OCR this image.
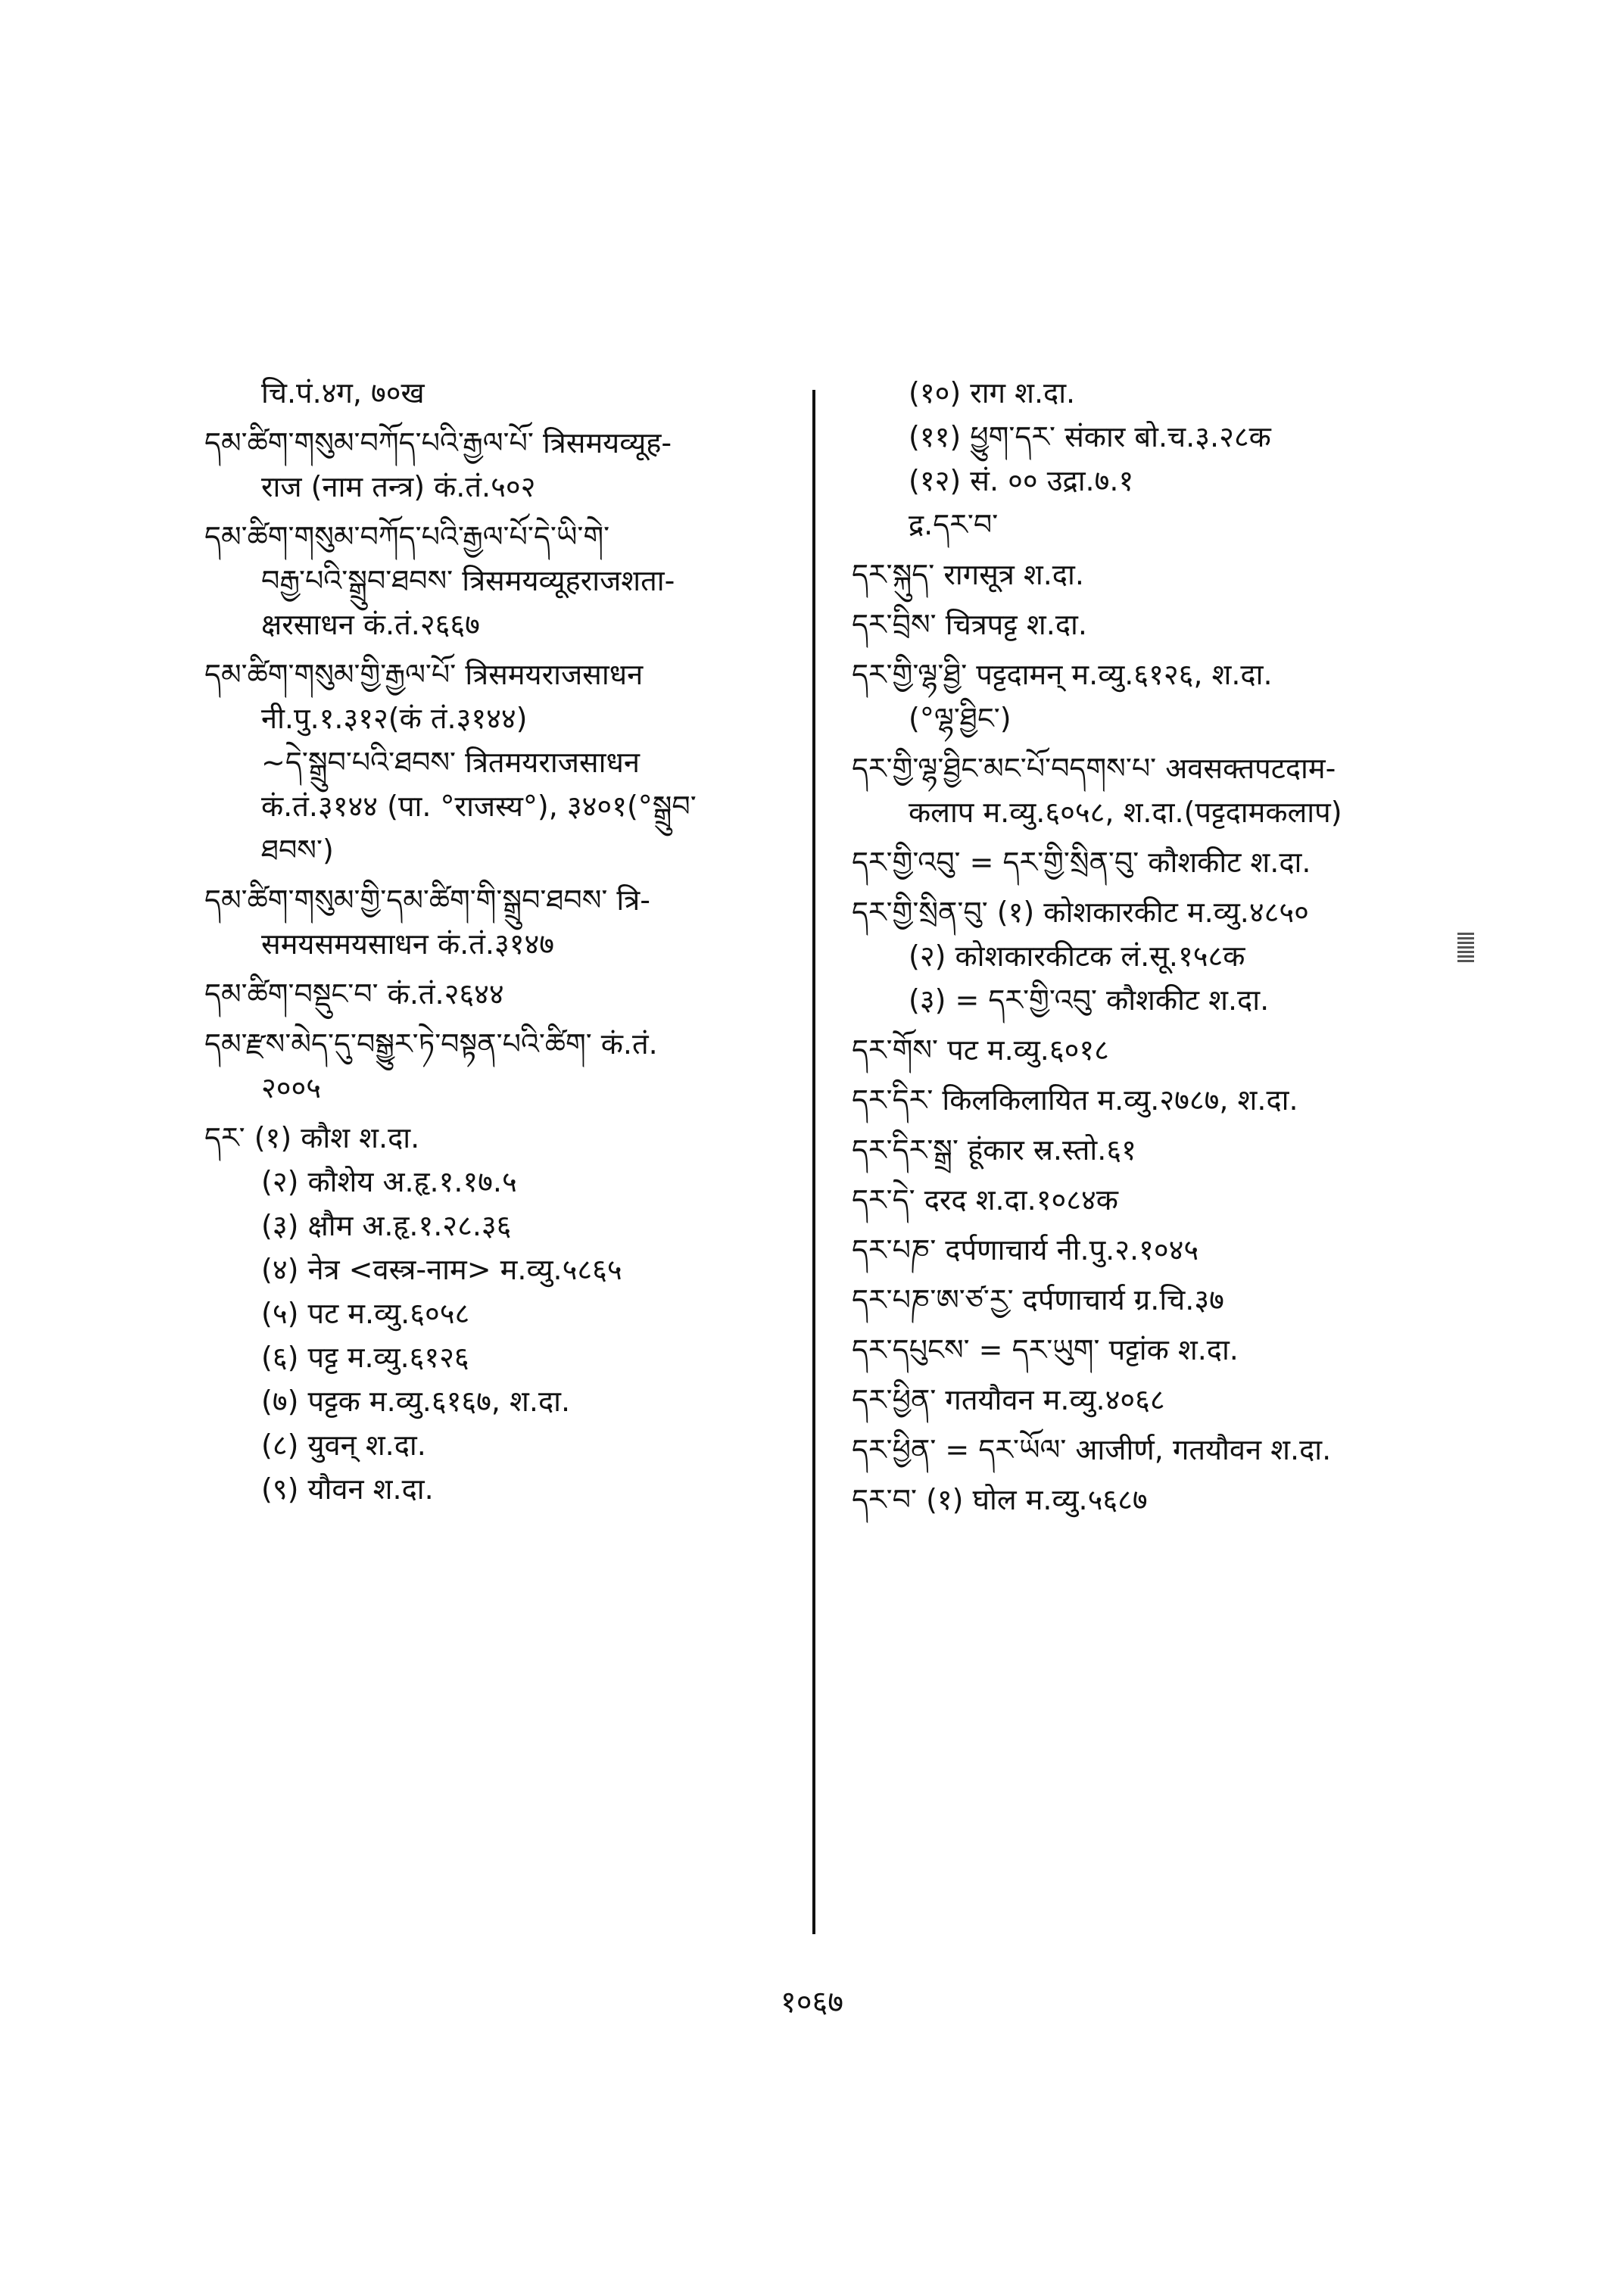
चि.पं.४ग, ७०ख
དམ་ཚིག་གསུམ་བཀོད་པའི་རྒྱལ་པོ་ त्रिसमयव्यूह-
राज (नाम तन्त्र) कं.तं.५०२
དམ་ཚིག་གསུམ་བཀོད་པའི་རྒྱལ་པོ་དེ་ཡི་གེ་
བརྒྱ་པའི་སྒྲུབ་ཐབས་ त्रिसमयव्यूहराजशता-
क्षरसाधन कं.तं.२६६७
དམ་ཚིག་གསུམ་གྱི་རྒྱལ་པོ་ त्रिसमयराजसाधन
नी.पु.१.३१२(कं तं.३१४४)
~དེ་སྒྲུབ་པའི་ཐབས་ त्रितमयराजसाधन
कं.तं.३१४४ (पा. °राजस्य°), ३४०१(°སྒྲུབ་
ཐབས་)
དམ་ཚིག་གསུམ་གྱི་དམ་ཚིག་གི་སྒྲུབ་ཐབས་ त्रि-
समयसमयसाधन कं.तं.३१४७
དམ་ཚིག་བསྡུང་བ་ कं.तं.२६४४
དམ་རྫས་མེད་དུ་བསྒྱུར་ཏེ་བསྟན་པའི་ཚིག་ कं.तं.
२००५
དར་ (१) कौश श.दा.
(२) कौशेय अ.हृ.१.१७.५
(३) क्षौम अ.हृ.१.२८.३६
(४) नेत्र <वस्त्र-नाम> म.व्यु.५८६५
(५) पट म.व्यु.६०५८
(६) पट्ट म.व्यु.६१२६
(७) पट्टक म.व्यु.६१६७, श.दा.
(८) युवन् श.दा.
(९) यौवन श.दा.
(१०) राग श.दा.
(११) ཕྱུག་དར་ संकार बो.च.३.२८क
(१२) सं. ०० उद्रा.७.१
द्र.དར་བ་
དར་སྐུད་ रागसूत्र श.दा.
དར་བྲིས་ चित्रपट्ट श.दा.
དར་གྱི་ལྷ་ཐྱི་ पट्टदामन् म.व्यु.६१२६, श.दा.
(°ལྷ་ཐྱིང་)
དར་གྱི་ལྷ་ཐྱིང་མང་པོ་བདགས་པ་ अवसक्तपटदाम-
कलाप म.व्यु.६०५८, श.दा.(पट्टदामकलाप)
དར་གྱི་འབུ་ = དར་གྱི་སྲིན་བུ་ कौशकीट श.दा.
དར་གྱི་སྲིན་བུ་ (१) कोशकारकीट म.व्यु.४८५०
(२) कोशकारकीटक लं.सू.१५८क
(३) = དར་གྱི་འབུ་ कौशकीट श.दा.
དར་གོས་ पट म.व्यु.६०१८
དར་དིར་ किलकिलायित म.व्यु.२७८७, श.दा.
དར་དིར་སྒྲ་ हूंकार स्र.स्तो.६१
དར་དེ་ दरद श.दा.१०८४क
དར་པཎ་ दर्पणाचार्य नी.पु.२.१०४५
དར་པཎ་ཨ་ཙ་རྱ་ दर्पणाचार्य ग्र.चि.३७
དར་དཔུངས་ = དར་ཡུག་ पट्टांक श.दा.
དར་ཕྱིན་ गतयौवन म.व्यु.४०६८
དར་ཕྱིན་ = དར་ཡོལ་ आजीर्ण, गतयौवन श.दा.
དར་བ་ (१) घोल म.व्यु.५६८७
१०६७
